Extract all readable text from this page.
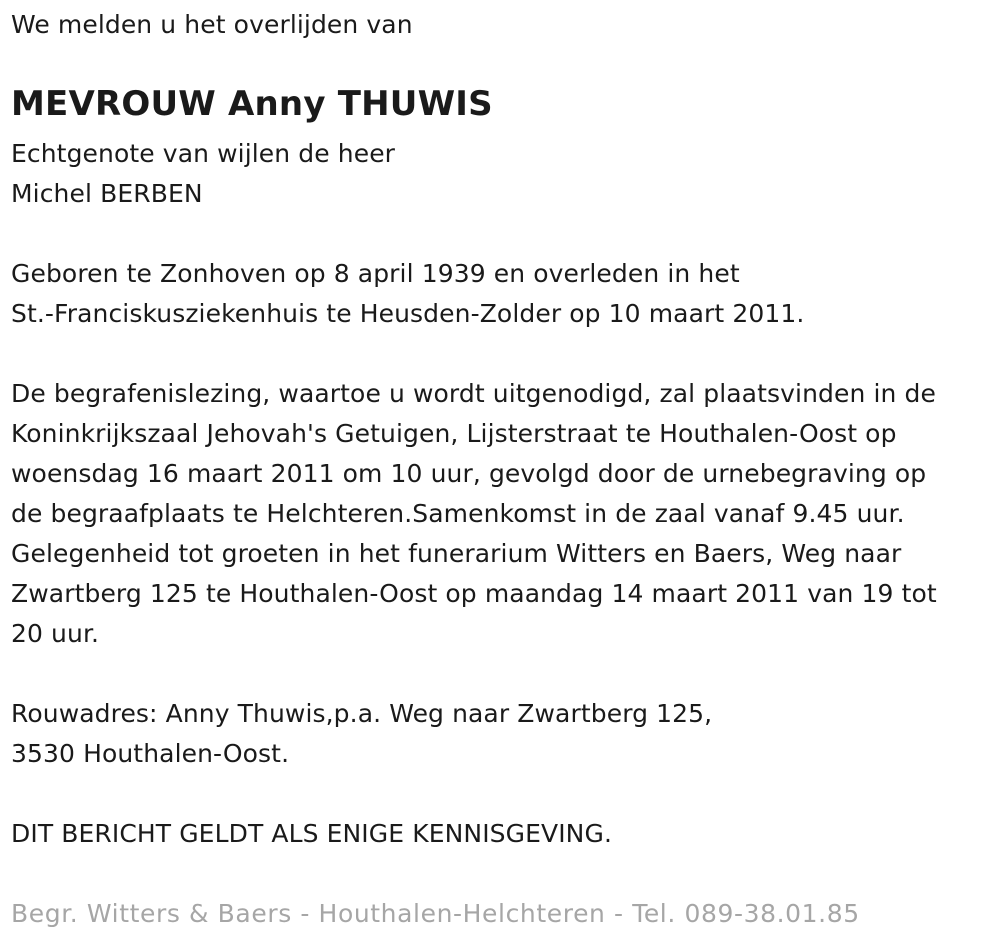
We melden u het overlijden van
MEVROUW Anny THUWIS
Echtgenote van wijlen de heer
Michel BERBEN
Geboren te Zonhoven op 8 april 1939 en overleden in het
St.-Franciskusziekenhuis te Heusden-Zolder op 10 maart 2011.
De begrafenislezing, waartoe u wordt uitgenodigd, zal plaatsvinden in de
Koninkrijkszaal Jehovah's Getuigen, Lijsterstraat te Houthalen-Oost op
woensdag 16 maart 2011 om 10 uur, gevolgd door de urnebegraving op
de begraafplaats te Helchteren.Samenkomst in de zaal vanaf 9.45 uur.
Gelegenheid tot groeten in het funerarium Witters en Baers, Weg naar
Zwartberg 125 te Houthalen-Oost op maandag 14 maart 2011 van 19 tot
20 uur.
Rouwadres: Anny Thuwis,p.a. Weg naar Zwartberg 125,
3530 Houthalen-Oost.
DIT BERICHT GELDT ALS ENIGE KENNISGEVING.
Begr. Witters & Baers - Houthalen-Helchteren - Tel. 089-38.01.85
